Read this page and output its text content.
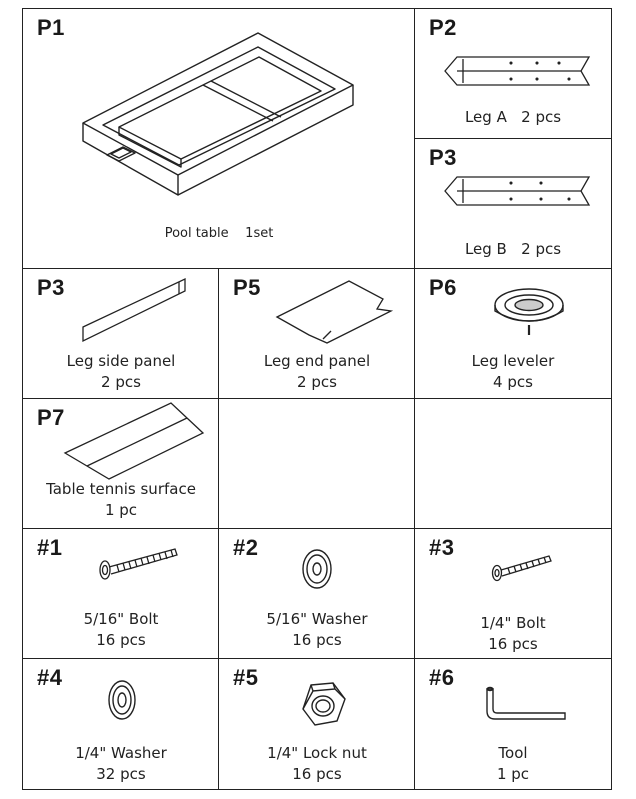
P1
Pool table 1set
P2
Leg A 2 pcs
P3
Leg B 2 pcs
P3
Leg side panel
2 pcs
P5
Leg end panel
2 pcs
P6
Leg leveler
4 pcs
P7
Table tennis surface
1 pc
#1
5/16" Bolt
16 pcs
#2
5/16" Washer
16 pcs
#3
1/4" Bolt
16 pcs
#4
1/4" Washer
32 pcs
#5
1/4" Lock nut
16 pcs
#6
Tool
1 pc
